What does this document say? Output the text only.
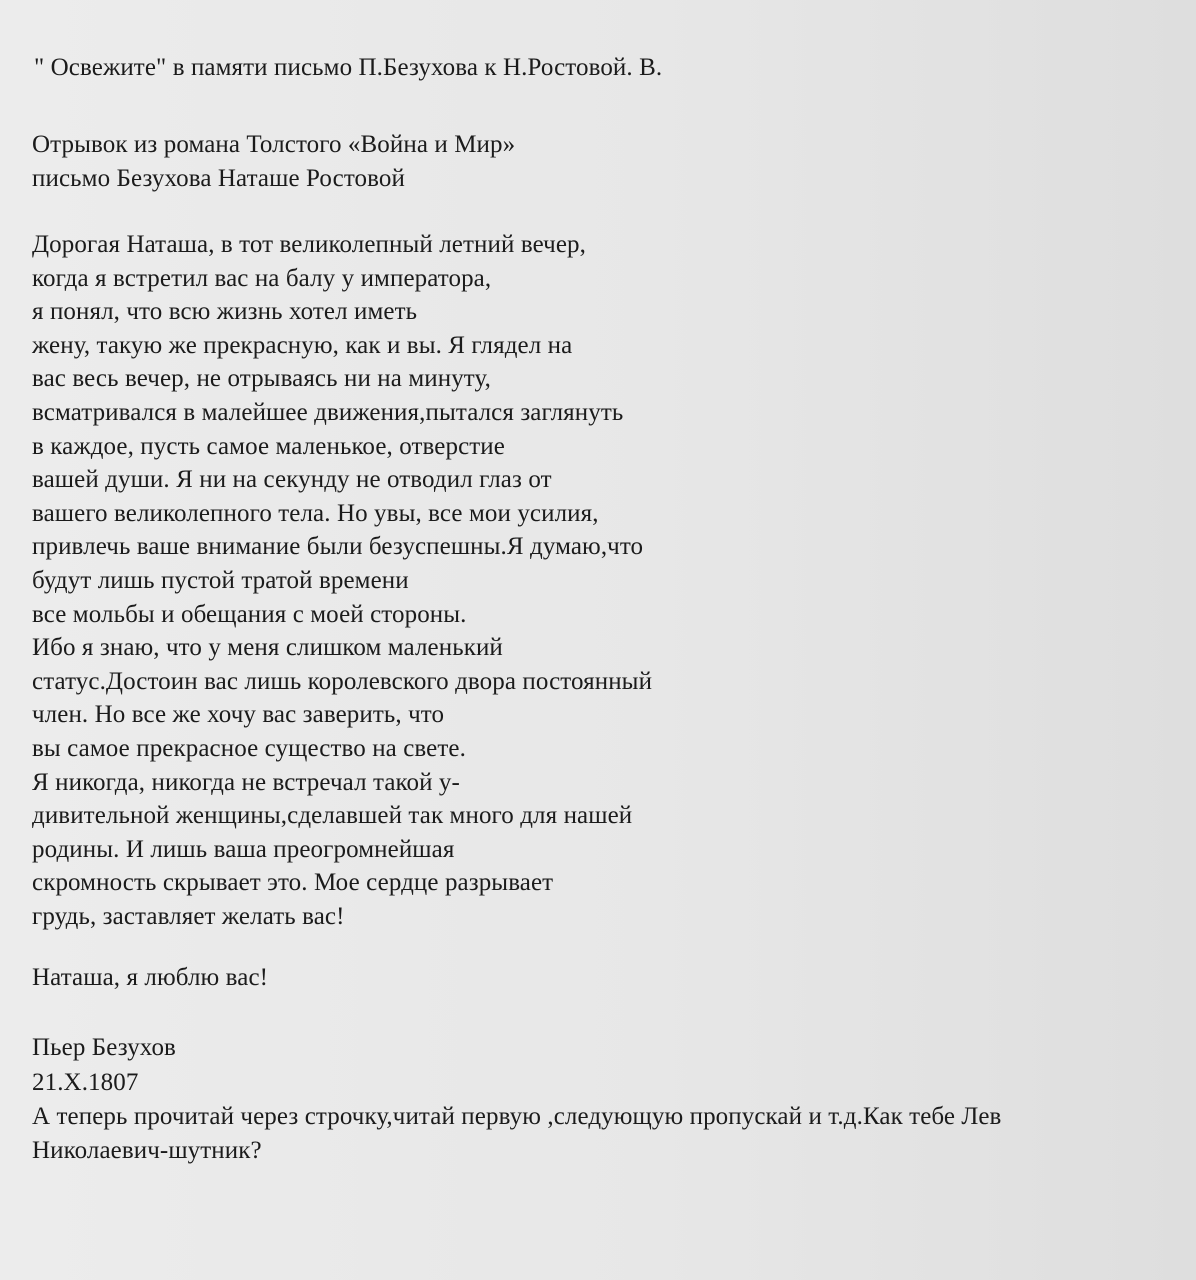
" Освежите" в памяти письмо П.Безухова к Н.Ростовой. В.
Отрывок из романа Толстого «Война и Мир»
письмо Безухова Наташе Ростовой
Дорогая Наташа, в тот великолепный летний вечер,
когда я встретил вас на балу у императора,
я понял, что всю жизнь хотел иметь
жену, такую же прекрасную, как и вы. Я глядел на
вас весь вечер, не отрываясь ни на минуту,
всматривался в малейшее движения,пытался заглянуть
в каждое, пусть самое маленькое, отверстие
вашей души. Я ни на секунду не отводил глаз от
вашего великолепного тела. Но увы, все мои усилия,
привлечь ваше внимание были безуспешны.Я думаю,что
будут лишь пустой тратой времени
все мольбы и обещания с моей стороны.
Ибо я знаю, что у меня слишком маленький
статус.Достоин вас лишь королевского двора постоянный
член. Но все же хочу вас заверить, что
вы самое прекрасное существо на свете.
Я никогда, никогда не встречал такой у-
дивительной женщины,сделавшей так много для нашей
родины. И лишь ваша преогромнейшая
скромность скрывает это. Мое сердце разрывает
грудь, заставляет желать вас!
Наташа, я люблю вас!
Пьер Безухов
21.X.1807
А теперь прочитай через строчку,читай первую ,следующую пропускай и т.д.Как тебе Лев
Николаевич-шутник?
